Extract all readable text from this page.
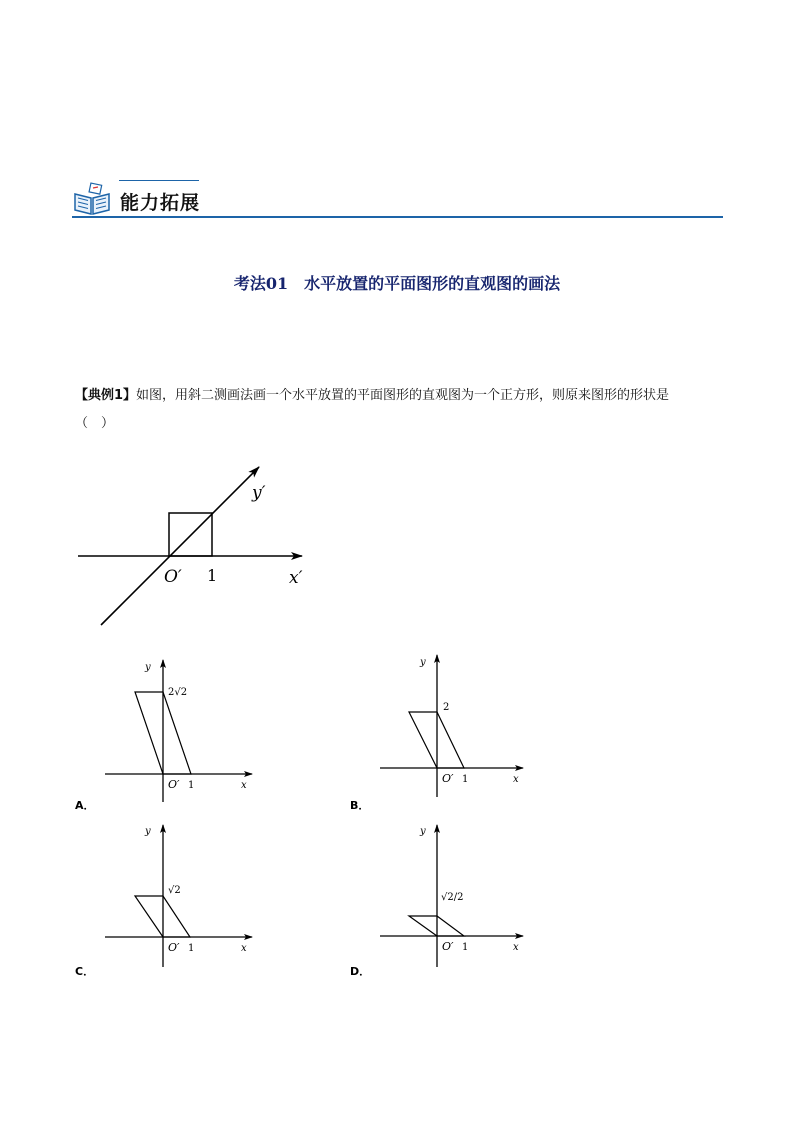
能力拓展
考法01　水平放置的平面图形的直观图的画法
【典例1】如图，用斜二测画法画一个水平放置的平面图形的直观图为一个正方形，则原来图形的形状是
（　）
y′
x′
O′ 1
y
x
O′ 1
2√2
A．
y
x
O′ 1
2
B．
y
x
O′ 1
√2
C．
y
x
O′ 1
√2/2
D．
